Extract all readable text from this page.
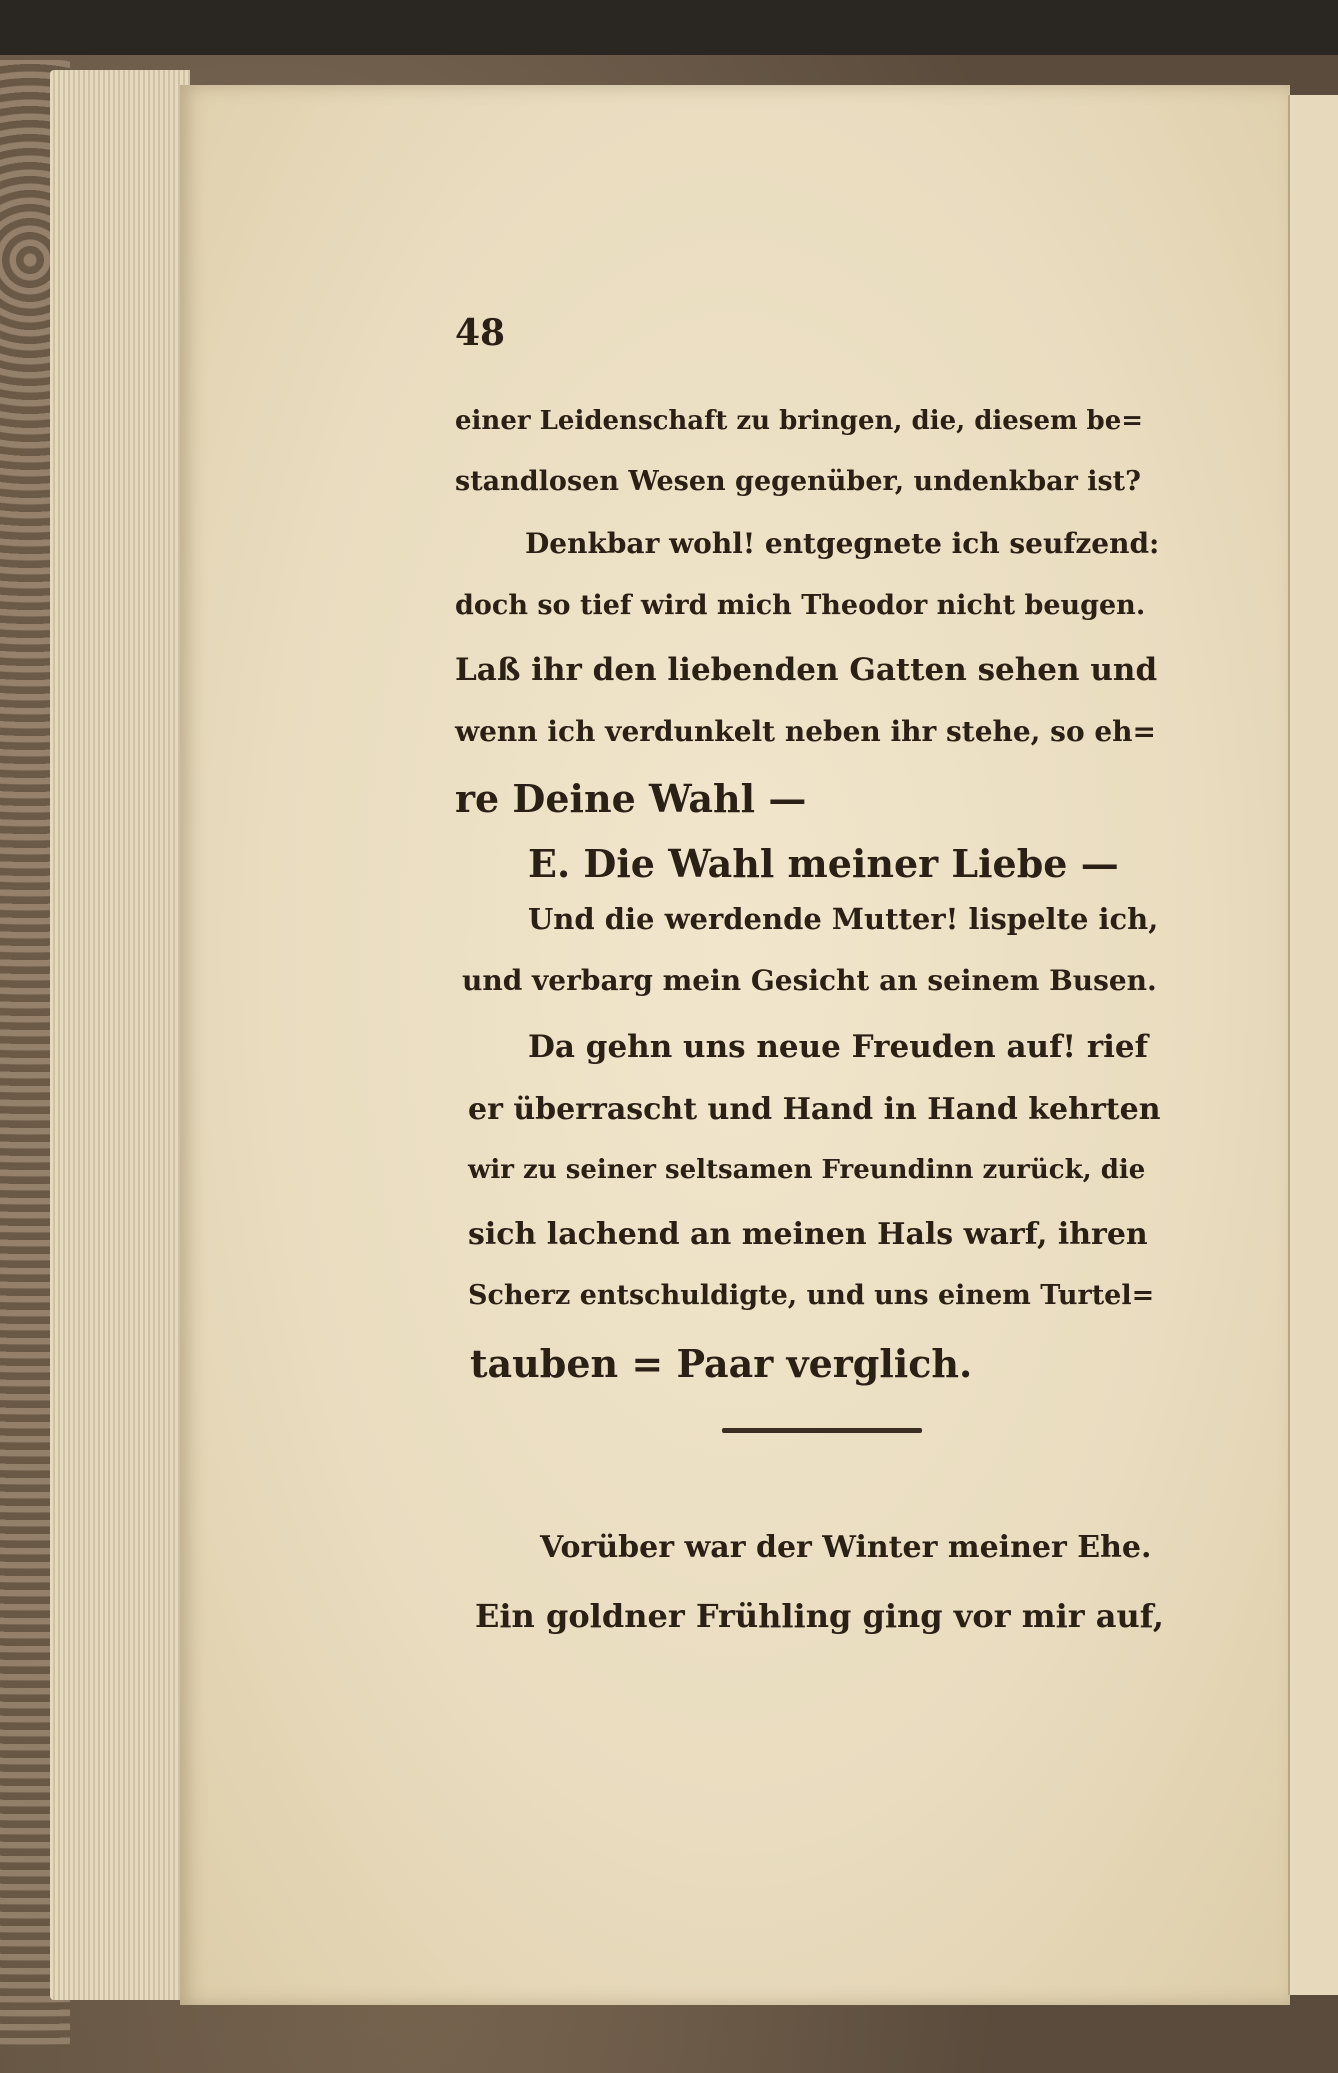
48
einer Leidenschaft zu bringen, die, diesem be=
standlosen Wesen gegenüber, undenkbar ist?
Denkbar wohl! entgegnete ich seufzend:
doch so tief wird mich Theodor nicht beugen.
Laß ihr den liebenden Gatten sehen und
wenn ich verdunkelt neben ihr stehe, so eh=
re Deine Wahl —
E. Die Wahl meiner Liebe —
Und die werdende Mutter! lispelte ich,
und verbarg mein Gesicht an seinem Busen.
Da gehn uns neue Freuden auf! rief
er überrascht und Hand in Hand kehrten
wir zu seiner seltsamen Freundinn zurück, die
sich lachend an meinen Hals warf, ihren
Scherz entschuldigte, und uns einem Turtel=
tauben = Paar verglich.
Vorüber war der Winter meiner Ehe.
Ein goldner Frühling ging vor mir auf,
